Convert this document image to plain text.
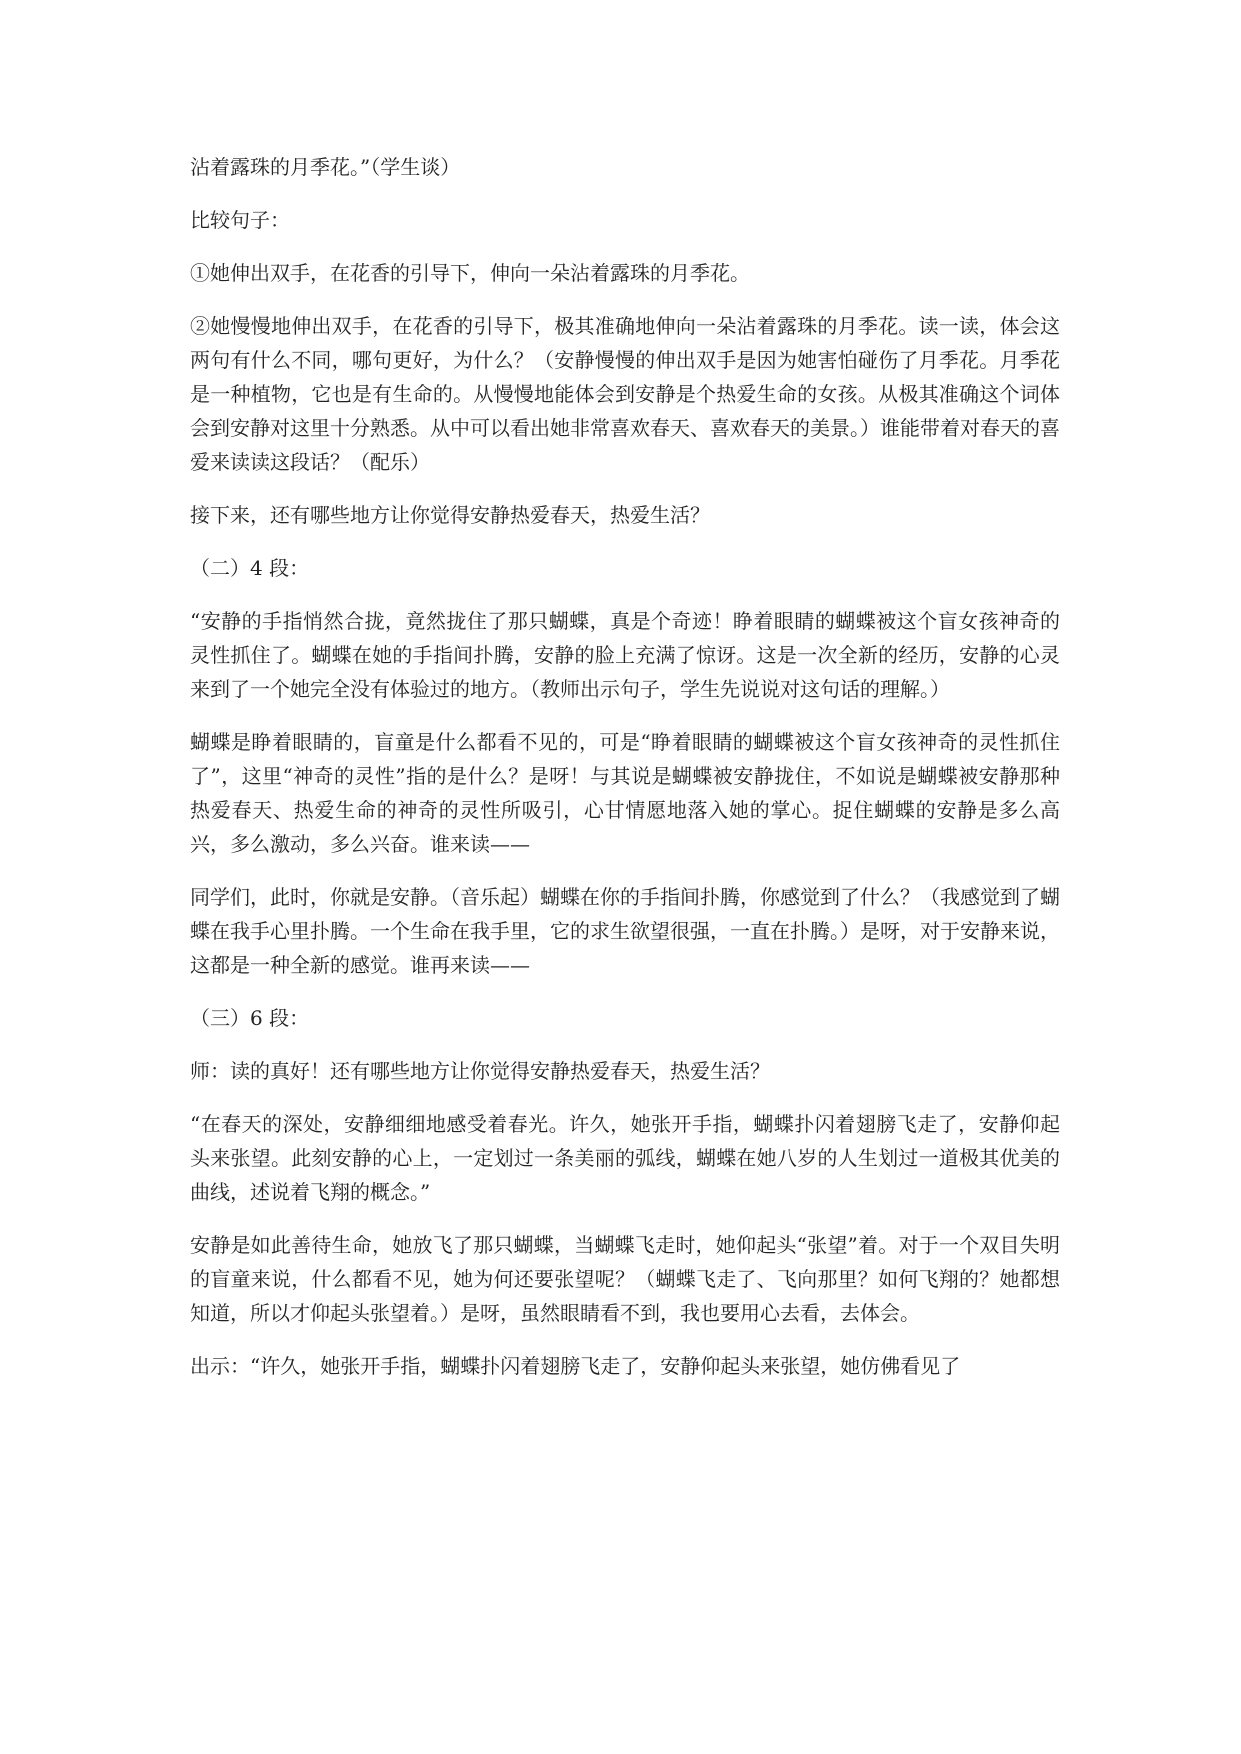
沾着露珠的月季花。”（学生谈）

比较句子：

①她伸出双手，在花香的引导下，伸向一朵沾着露珠的月季花。

②她慢慢地伸出双手，在花香的引导下，极其准确地伸向一朵沾着露珠的月季花。读一读，体会这两句有什么不同，哪句更好，为什么？（安静慢慢的伸出双手是因为她害怕碰伤了月季花。月季花是一种植物，它也是有生命的。从慢慢地能体会到安静是个热爱生命的女孩。从极其准确这个词体会到安静对这里十分熟悉。从中可以看出她非常喜欢春天、喜欢春天的美景。）谁能带着对春天的喜爱来读读这段话？（配乐）

接下来，还有哪些地方让你觉得安静热爱春天，热爱生活？

（二）4 段：

“安静的手指悄然合拢，竟然拢住了那只蝴蝶，真是个奇迹！睁着眼睛的蝴蝶被这个盲女孩神奇的灵性抓住了。蝴蝶在她的手指间扑腾，安静的脸上充满了惊讶。这是一次全新的经历，安静的心灵来到了一个她完全没有体验过的地方。（教师出示句子，学生先说说对这句话的理解。）

蝴蝶是睁着眼睛的，盲童是什么都看不见的，可是“睁着眼睛的蝴蝶被这个盲女孩神奇的灵性抓住了”，这里“神奇的灵性”指的是什么？是呀！与其说是蝴蝶被安静拢住，不如说是蝴蝶被安静那种热爱春天、热爱生命的神奇的灵性所吸引，心甘情愿地落入她的掌心。捉住蝴蝶的安静是多么高兴，多么激动，多么兴奋。谁来读——

同学们，此时，你就是安静。（音乐起）蝴蝶在你的手指间扑腾，你感觉到了什么？（我感觉到了蝴蝶在我手心里扑腾。一个生命在我手里，它的求生欲望很强，一直在扑腾。）是呀，对于安静来说，这都是一种全新的感觉。谁再来读——

（三）6 段：

师：读的真好！还有哪些地方让你觉得安静热爱春天，热爱生活？

“在春天的深处，安静细细地感受着春光。许久，她张开手指，蝴蝶扑闪着翅膀飞走了，安静仰起头来张望。此刻安静的心上，一定划过一条美丽的弧线，蝴蝶在她八岁的人生划过一道极其优美的曲线，述说着飞翔的概念。”

安静是如此善待生命，她放飞了那只蝴蝶，当蝴蝶飞走时，她仰起头“张望”着。对于一个双目失明的盲童来说，什么都看不见，她为何还要张望呢？（蝴蝶飞走了、飞向那里？如何飞翔的？她都想知道，所以才仰起头张望着。）是呀，虽然眼睛看不到，我也要用心去看，去体会。

出示：“许久，她张开手指，蝴蝶扑闪着翅膀飞走了，安静仰起头来张望，她仿佛看见了
